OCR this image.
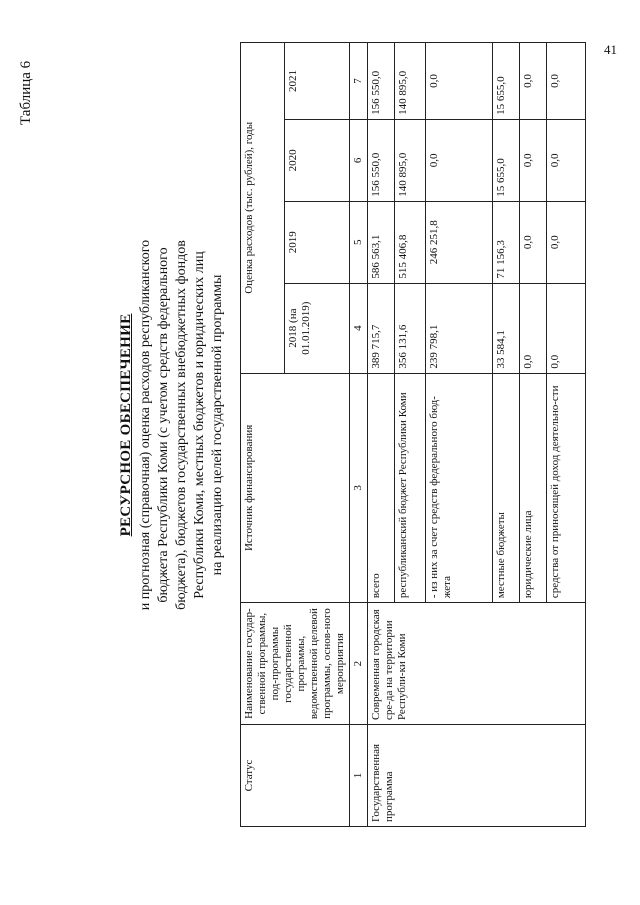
41
Таблица 6
РЕСУРСНОЕ ОБЕСПЕЧЕНИЕ и прогнозная (справочная) оценка расходов республиканского бюджета Республики Коми (с учетом средств федерального бюджета), бюджетов государственных внебюджетных фондов Республики Коми, местных бюджетов и юридических лиц на реализацию целей государственной программы
Статус	Наименование государ-ственной программы, под-программы государственной программы, ведомственной целевой программы, основ-ного мероприятия	Источник финансирования	Оценка расходов (тыс. рублей), годы			
			2018 (на 01.01.2019)	2019	2020	2021
1	2	3	4	5	6	7
Государственная программа	Современная городская сре-да на территории Республи-ки Коми	всего	389 715,7	586 563,1	156 550,0	156 550,0
		республиканский бюджет Республики Коми	356 131,6	515 406,8	140 895,0	140 895,0
		- из них за счет средств федерального бюд-жета	239 798,1	246 251,8	0,0	0,0
		местные бюджеты	33 584,1	71 156,3	15 655,0	15 655,0
		юридические лица	0,0	0,0	0,0	0,0
		средства от приносящей доход деятельно-сти	0,0	0,0	0,0	0,0
